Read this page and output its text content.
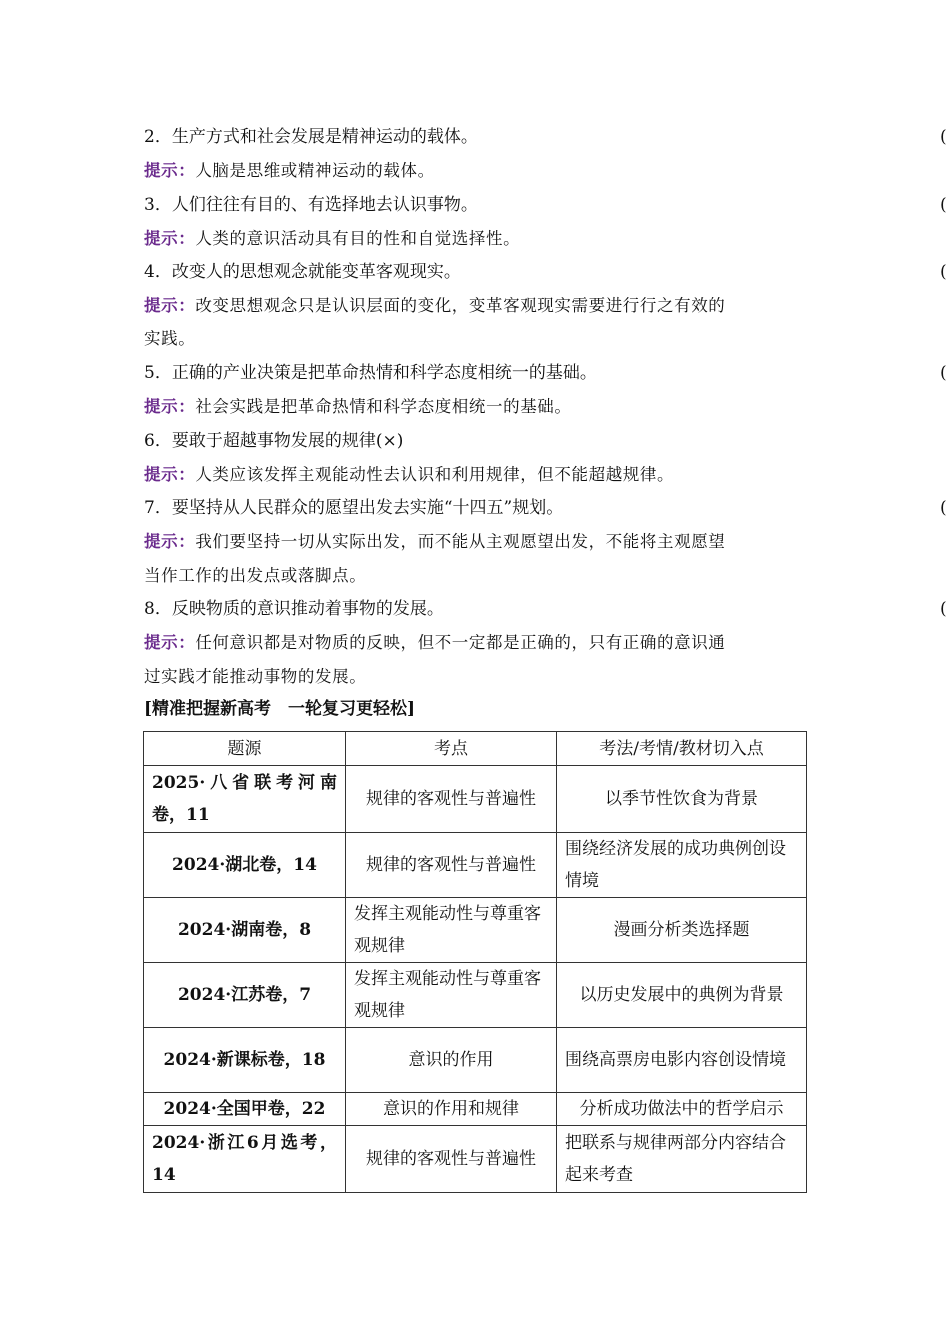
2．生产方式和社会发展是精神运动的载体。	(
提示：人脑是思维或精神运动的载体。
3．人们往往有目的、有选择地去认识事物。	(
提示：人类的意识活动具有目的性和自觉选择性。
4．改变人的思想观念就能变革客观现实。	(
提示：改变思想观念只是认识层面的变化，变革客观现实需要进行行之有效的
实践。
5．正确的产业决策是把革命热情和科学态度相统一的基础。	(
提示：社会实践是把革命热情和科学态度相统一的基础。
6．要敢于超越事物发展的规律(×)
提示：人类应该发挥主观能动性去认识和利用规律，但不能超越规律。
7．要坚持从人民群众的愿望出发去实施“十四五”规划。	(
提示：我们要坚持一切从实际出发，而不能从主观愿望出发，不能将主观愿望
当作工作的出发点或落脚点。
8．反映物质的意识推动着事物的发展。	(
提示：任何意识都是对物质的反映，但不一定都是正确的，只有正确的意识通
过实践才能推动事物的发展。
[精准把握新高考　一轮复习更轻松]
题源	考点	考法/考情/教材切入点
2025·八省联考河南卷，11	规律的客观性与普遍性	以季节性饮食为背景
2024·湖北卷，14	规律的客观性与普遍性	围绕经济发展的成功典例创设情境
2024·湖南卷，8	发挥主观能动性与尊重客观规律	漫画分析类选择题
2024·江苏卷，7	发挥主观能动性与尊重客观规律	以历史发展中的典例为背景
2024·新课标卷，18	意识的作用	围绕高票房电影内容创设情境
2024·全国甲卷，22	意识的作用和规律	分析成功做法中的哲学启示
2024·浙江6月选考，14	规律的客观性与普遍性	把联系与规律两部分内容结合起来考查
